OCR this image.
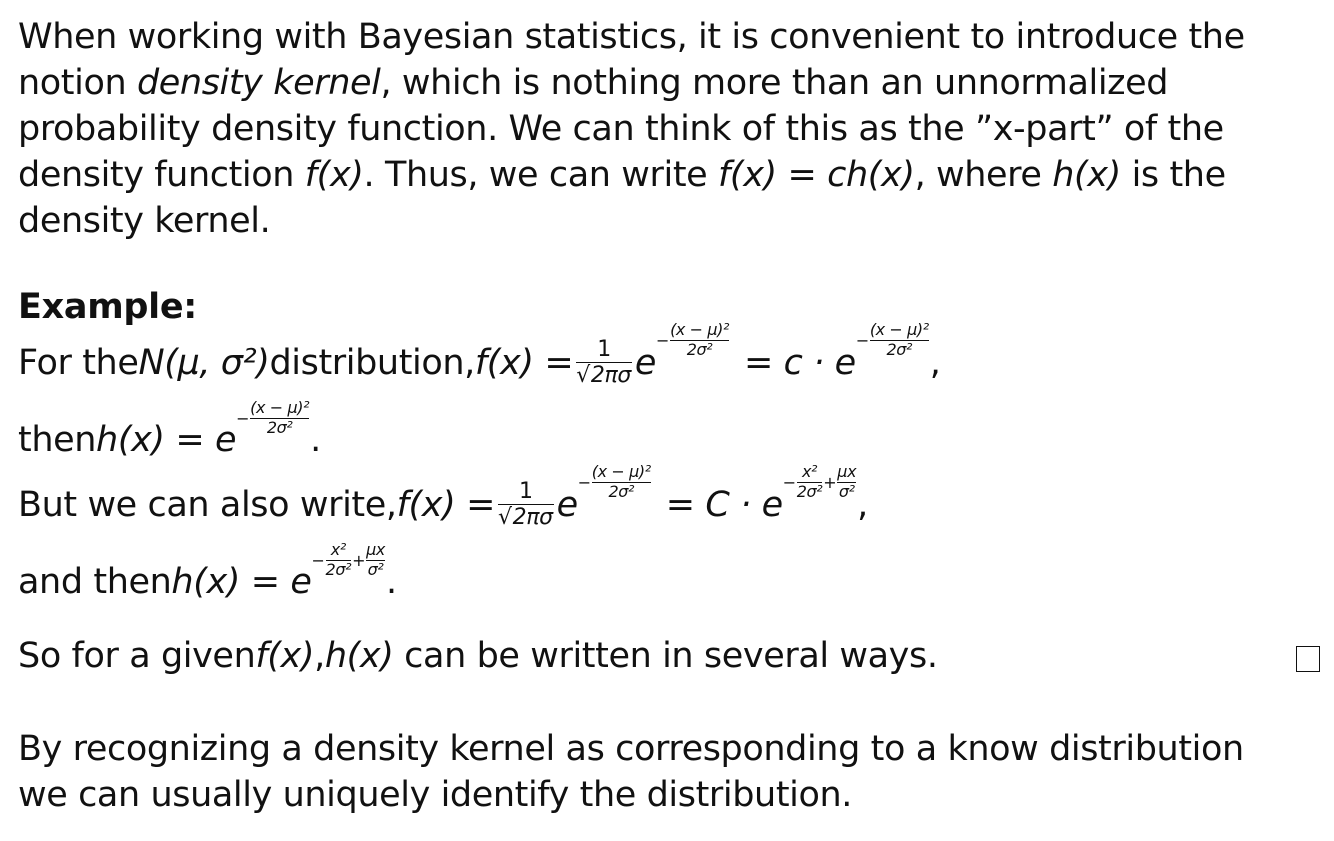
When working with Bayesian statistics, it is convenient to introduce the

notion density kernel, which is nothing more than an unnormalized

probability density function. We can think of this as the ”x-part” of the

density function f(x). Thus, we can write f(x) = ch(x), where h(x) is the

density kernel.

Example:
For the N(μ, σ²) distribution, $f(x) = \frac{1}{√2\pi\sigma}$ e
− $\frac{\text{(x − μ)²}}{\text{2σ²}}$
= c · e
− $\frac{\text{(x − μ)²}}{\text{2σ²}}$
,
then h(x) = e
− $\frac{\text{(x − μ)²}}{\text{2σ²}}$
.
But we can also write, $f(x) = \frac{1}{√2\pi\sigma}$ e
− $\frac{\text{(x − μ)²}}{\text{2σ²}}$
= C · e
− $\frac{\text{x²}}{\text{2σ²}} + \frac{\mu x}{\text{σ²}}$
,
and then h(x) = e
− $\frac{\text{x²}}{\text{2σ²}} + \frac{\mu x}{\text{σ²}}$
.
So for a given f(x) , h(x) can be written in several ways.

By recognizing a density kernel as corresponding to a know distribution

we can usually uniquely identify the distribution.
